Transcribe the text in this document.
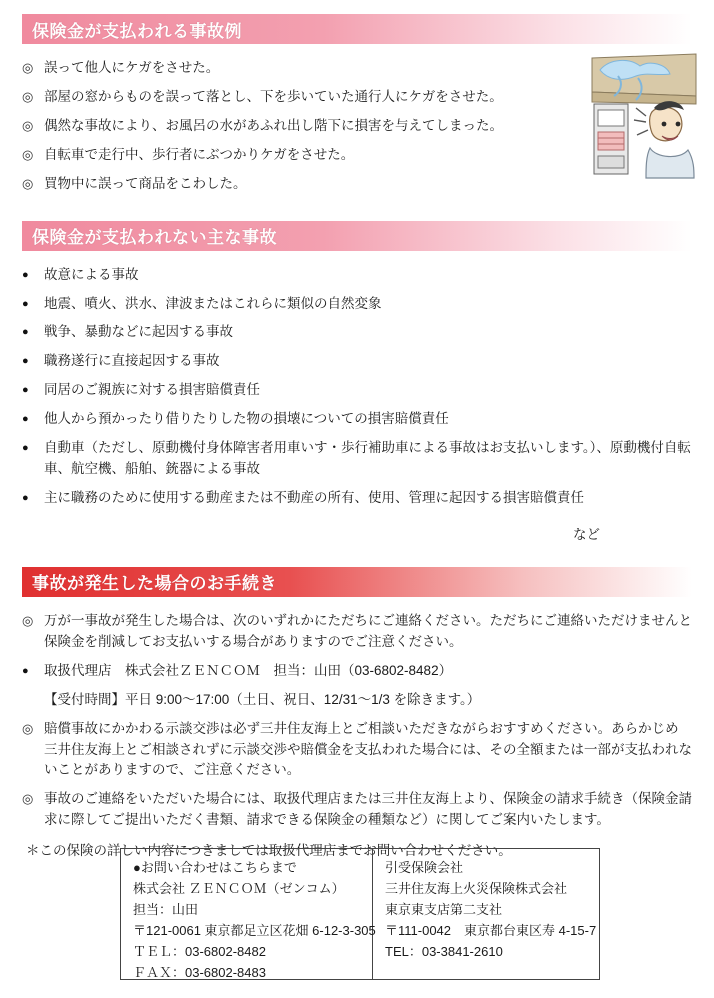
保険金が支払われる事故例
◎ 誤って他人にケガをさせた。
◎ 部屋の窓からものを誤って落とし、下を歩いていた通行人にケガをさせた。
◎ 偶然な事故により、お風呂の水があふれ出し階下に損害を与えてしまった。
◎ 自転車で走行中、歩行者にぶつかりケガをさせた。
◎ 買物中に誤って商品をこわした。
保険金が支払われない主な事故
●	故意による事故
●	地震、噴火、洪水、津波またはこれらに類似の自然変象
●	戦争、暴動などに起因する事故
●	職務遂行に直接起因する事故
●	同居のご親族に対する損害賠償責任
●	他人から預かったり借りたりした物の損壊についての損害賠償責任
●	自動車（ただし、原動機付身体障害者用車いす・歩行補助車による事故はお支払いします。）、原動機付自転車、航空機、船舶、銃器による事故
●	主に職務のために使用する動産または不動産の所有、使用、管理に起因する損害賠償責任
など
事故が発生した場合のお手続き
◎ 万が一事故が発生した場合は、次のいずれかにただちにご連絡ください。ただちにご連絡いただけませんと保険金を削減してお支払いする場合がありますのでご注意ください。
●	取扱代理店　株式会社ＺＥＮＣＯＭ　担当：山田（03-6802-8482）
【受付時間】平日 9:00〜17:00（土日、祝日、12/31〜1/3 を除きます。）
◎ 賠償事故にかかわる示談交渉は必ず三井住友海上とご相談いただきながらおすすめください。あらかじめ三井住友海上とご相談されずに示談交渉や賠償金を支払われた場合には、その全額または一部が支払われないことがありますので、ご注意ください。
◎ 事故のご連絡をいただいた場合には、取扱代理店または三井住友海上より、保険金の請求手続き（保険金請求に際してご提出いただく書類、請求できる保険金の種類など）に関してご案内いたします。
＊この保険の詳しい内容につきましては取扱代理店までお問い合わせください。
●お問い合わせはこちらまで
株式会社 ＺＥＮＣＯＭ（ゼンコム）
担当：山田
〒121-0061 東京都足立区花畑 6-12-3-305
ＴＥＬ：03-6802-8482
ＦＡＸ：03-6802-8483
引受保険会社
三井住友海上火災保険株式会社
東京東支店第二支社
〒111-0042　東京都台東区寿 4-15-7
TEL：03-3841-2610
